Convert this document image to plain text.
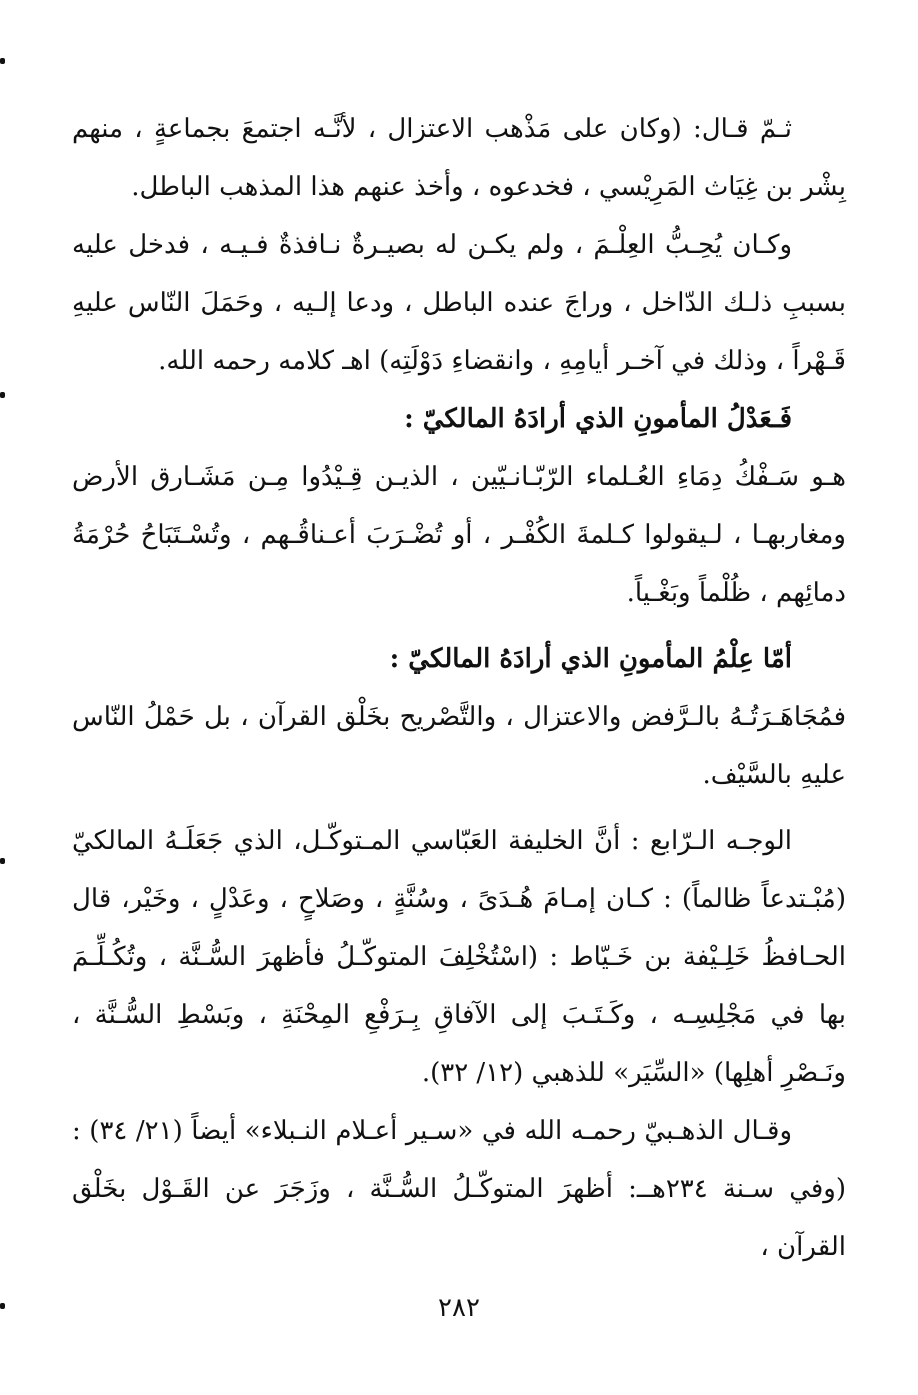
ثـمّ قـال: (وكان على مَذْهب الاعتزال ، لأنَّـه اجتمعَ بجماعةٍ ، منهم بِشْر بن غِيَاث المَرِيْسي ، فخدعوه ، وأخذ عنهم هذا المذهب الباطل.

وكـان يُحِـبُّ العِلْـمَ ، ولم يكـن له بصيـرةٌ نـافذةٌ فـيـه ، فدخل عليه بسببِ ذلـك الدّاخل ، وراجَ عنده الباطل ، ودعا إلـيه ، وحَمَلَ النّاس عليهِ قَـهْراً ، وذلك في آخـر أيامِهِ ، وانقضاءِ دَوْلَتِه) اهـ كلامه رحمه الله.

فَـعَدْلُ المأمونِ الذي أرادَهُ المالكيّ :

هـو سَـفْكُ دِمَاءِ العُـلماء الرّبّـانـيّين ، الذيـن قِـيْدُوا مِـن مَشَـارق الأرض ومغاربهـا ، لـيقولوا كـلمةَ الكُفْـر ، أو تُضْـرَبَ أعـناقُـهم ، وتُسْـتَبَاحُ حُرْمَةُ دمائِهم ، ظُلْماً وبَغْـياً.

أمّا عِلْمُ المأمونِ الذي أرادَهُ المالكيّ :

فمُجَاهَـرَتُـهُ بالـرَّفض والاعتزال ، والتَّصْريح بخَلْق القرآن ، بل حَمْلُ النّاس عليهِ بالسَّيْف.

الوجـه الـرّابع : أنَّ الخليفة العَبّاسي المـتوكّـل، الذي جَعَلَـهُ المالكيّ (مُبْـتدعاً ظالماً) : كـان إمـامَ هُـدَىً ، وسُنَّةٍ ، وصَلاحٍ ، وعَدْلٍ ، وخَيْر، قال الحـافظُ خَلِـيْفة بن خَـيّاط : (اسْتُخْلِفَ المتوكّـلُ فأظهرَ السُّـنَّة ، وتُكُـلِّـمَ بها في مَجْلِسِـه ، وكَـتَـبَ إلى الآفاقِ بِـرَفْعِ المِحْنَةِ ، وبَسْطِ السُّـنَّة ، ونَـصْرِ أهلِها) «السِّيَر» للذهبي (١٢/ ٣٢).

وقـال الذهـبيّ رحمـه الله في «سـير أعـلام النـبلاء» أيضاً (٢١/ ٣٤) : (وفي سـنة ٢٣٤هــ: أظهرَ المتوكّـلُ السُّـنَّة ، وزَجَرَ عن القَـوْل بخَلْق القرآن ،

٢٨٢
